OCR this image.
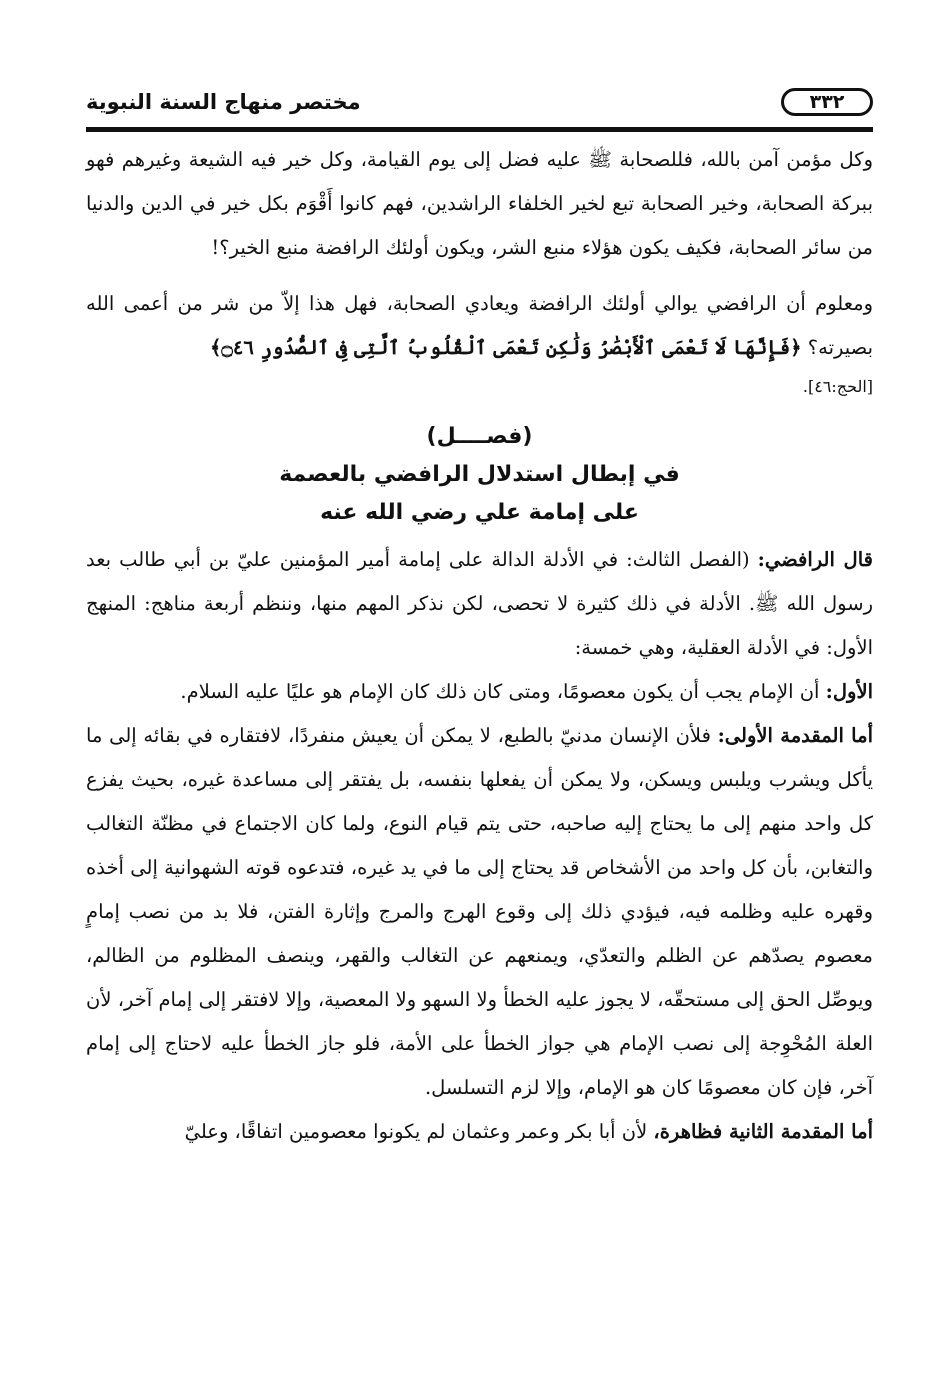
مختصر منهاج السنة النبوية	٣٣٢

وكل مؤمن آمن بالله، فللصحابة ﷺ عليه فضل إلى يوم القيامة، وكل خير فيه الشيعة وغيرهم فهو ببركة الصحابة، وخير الصحابة تبع لخير الخلفاء الراشدين، فهم كانوا أَقْوَم بكل خير في الدين والدنيا من سائر الصحابة، فكيف يكون هؤلاء منبع الشر، ويكون أولئك الرافضة منبع الخير؟!

ومعلوم أن الرافضي يوالي أولئك الرافضة ويعادي الصحابة، فهل هذا إلاّ من شر من أعمى الله بصيرته؟ ﴿فَإِنَّهَا لَا تَعْمَى ٱلْأَبْصَٰرُ وَلَٰكِن تَعْمَى ٱلْقُلُوبُ ٱلَّتِى فِى ٱلصُّدُورِ ۝٤٦﴾

[الحج:٤٦].

(فصــــل)

في إبطال استدلال الرافضي بالعصمة

على إمامة علي رضي الله عنه

قال الرافضي: (الفصل الثالث: في الأدلة الدالة على إمامة أمير المؤمنين عليّ بن أبي طالب بعد رسول الله ﷺ. الأدلة في ذلك كثيرة لا تحصى، لكن نذكر المهم منها، وننظم أربعة مناهج: المنهج الأول: في الأدلة العقلية، وهي خمسة:

الأول: أن الإمام يجب أن يكون معصومًا، ومتى كان ذلك كان الإمام هو عليًا عليه السلام.

أما المقدمة الأولى: فلأن الإنسان مدنيّ بالطبع، لا يمكن أن يعيش منفردًا، لافتقاره في بقائه إلى ما يأكل ويشرب ويلبس ويسكن، ولا يمكن أن يفعلها بنفسه، بل يفتقر إلى مساعدة غيره، بحيث يفزع كل واحد منهم إلى ما يحتاج إليه صاحبه، حتى يتم قيام النوع، ولما كان الاجتماع في مظنّة التغالب والتغابن، بأن كل واحد من الأشخاص قد يحتاج إلى ما في يد غيره، فتدعوه قوته الشهوانية إلى أخذه وقهره عليه وظلمه فيه، فيؤدي ذلك إلى وقوع الهرج والمرج وإثارة الفتن، فلا بد من نصب إمامٍ معصوم يصدّهم عن الظلم والتعدّي، ويمنعهم عن التغالب والقهر، وينصف المظلوم من الظالم، ويوصِّل الحق إلى مستحقّه، لا يجوز عليه الخطأ ولا السهو ولا المعصية، وإلا لافتقر إلى إمام آخر، لأن العلة المُحْوِجة إلى نصب الإمام هي جواز الخطأ على الأمة، فلو جاز الخطأ عليه لاحتاج إلى إمام آخر، فإن كان معصومًا كان هو الإمام، وإلا لزم التسلسل.

أما المقدمة الثانية فظاهرة، لأن أبا بكر وعمر وعثمان لم يكونوا معصومين اتفاقًا، وعليّ
